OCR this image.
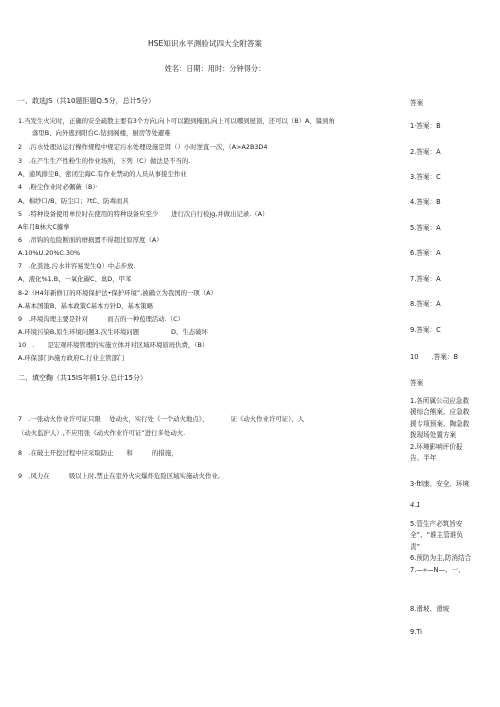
HSE知识水平测验试四大全附答案
姓名：日期：用时：分钟得分：
一、敢选JS（共10题拒题Q.5分，总计5分）
1.当发生火灾时，正确的安全疏散主要有3个方向,向卜可以跑到掩面,向上可以哪到屋顶，还可以（B）A、躲到角
落里B、向外逃到阳台C.钻到阁楼，厨房等处避难
2　.污水处理站运行操作规程中规定污水处理设施是饵（）小时逆直一次，（A>A2B3D4
3　.在产生生产性粉生的作业场所，下列（C）做法是不当的.
A、通风排尘B、密闭尘海C.有作业禁动的人员从事接尘作业
4　.粉尘作业时必佩薇（B）·
A、棉纱口/B、防尘口；?tC、防毒而具
5　.特种设备使用单位时在使用的特种设备应至少　　进行次自行检jg,并做出记录.（A）
A年月B林大C據拳
6　.吊钩的危险断面的磨损置不得超过原厚度（A）
A.10%U.20%C.30%
7　.化粪池.污水井容易发生Q）中忐步放.
A、液化%1.B、一氧化碳C、臭D、甲苯
8-2（H4年新修订的环境保护法•保护环境”,被确立为我国的一项（A）
A.基本国策B、基本政策C基本方针D、基本策略
9　.环境沟理主要是针对　　　而吉的一种苞理活动.（C）
A.环境污染B,原生环境问题3.次生环境问题　　　　　D、生态破坏
10　.　　是宏观环境管理的实施立体并对区域环境质班仇费，（B）
A.环保部门h施方政府C,行业主管部门
二、填空鞠（共15IS年顿1分.总计15分）
7　.一张动火作业许可证只限　 处动火，实行处《一个动火地点》、　　　　证《动火作业许可证）、人
（动火监护人）,不应用张《动火作业许可证”进行多处动火.
8　.在破土开挖过程中应采取防止　　和　　　的措施，
9　.风力在　　　级以上时,禁止在室外火灾爆炸危险区域实施动火作业,
答案
1·答案：B
2.答案：A
3.答案：C
4.答案：B
5.答案：A
6.答案：A
7.答案：A
8.答案：A
9.答案：C
10　　.答案：B
答案
1.各所属公司应急救
援综合熊案、应急救
援专项预案、陶急救
拨现场处置方案
2.环境影响评价报
告、半年
3·ftl康、安全、环境
4.1
5.管生产必筑旨安
全”、“谁主管谁负
责”
6.预防为主,防消结合
7.—«—N—、一、
8.滑坡、滑坡
9.Ti
